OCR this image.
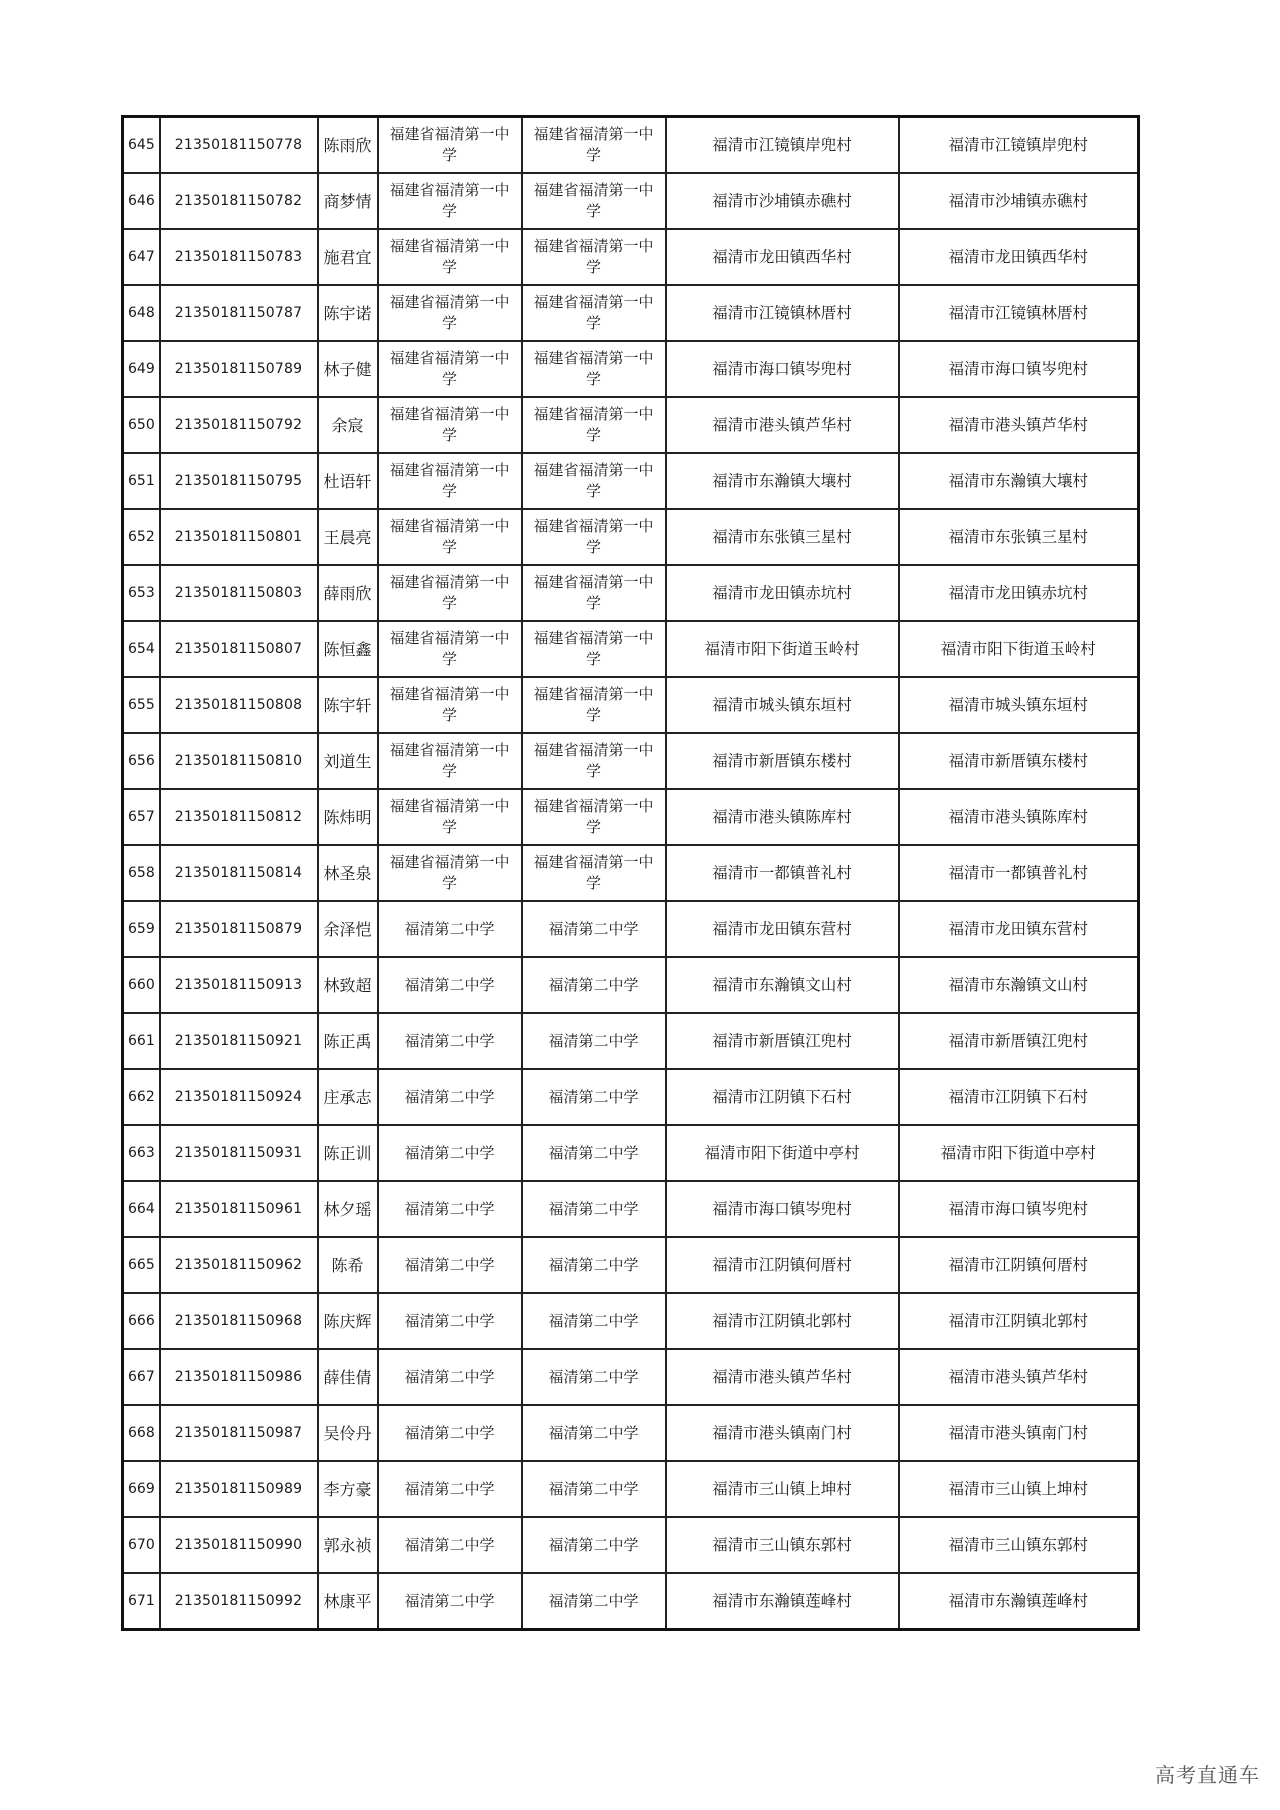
645	21350181150778	陈雨欣	福建省福清第一中学	福建省福清第一中学	福清市江镜镇岸兜村	福清市江镜镇岸兜村
646	21350181150782	商梦情	福建省福清第一中学	福建省福清第一中学	福清市沙埔镇赤礁村	福清市沙埔镇赤礁村
647	21350181150783	施君宜	福建省福清第一中学	福建省福清第一中学	福清市龙田镇西华村	福清市龙田镇西华村
648	21350181150787	陈宇诺	福建省福清第一中学	福建省福清第一中学	福清市江镜镇林厝村	福清市江镜镇林厝村
649	21350181150789	林子健	福建省福清第一中学	福建省福清第一中学	福清市海口镇岑兜村	福清市海口镇岑兜村
650	21350181150792	余宸	福建省福清第一中学	福建省福清第一中学	福清市港头镇芦华村	福清市港头镇芦华村
651	21350181150795	杜语轩	福建省福清第一中学	福建省福清第一中学	福清市东瀚镇大壤村	福清市东瀚镇大壤村
652	21350181150801	王晨亮	福建省福清第一中学	福建省福清第一中学	福清市东张镇三星村	福清市东张镇三星村
653	21350181150803	薛雨欣	福建省福清第一中学	福建省福清第一中学	福清市龙田镇赤坑村	福清市龙田镇赤坑村
654	21350181150807	陈恒鑫	福建省福清第一中学	福建省福清第一中学	福清市阳下街道玉岭村	福清市阳下街道玉岭村
655	21350181150808	陈宇轩	福建省福清第一中学	福建省福清第一中学	福清市城头镇东垣村	福清市城头镇东垣村
656	21350181150810	刘道生	福建省福清第一中学	福建省福清第一中学	福清市新厝镇东楼村	福清市新厝镇东楼村
657	21350181150812	陈炜明	福建省福清第一中学	福建省福清第一中学	福清市港头镇陈库村	福清市港头镇陈库村
658	21350181150814	林圣泉	福建省福清第一中学	福建省福清第一中学	福清市一都镇普礼村	福清市一都镇普礼村
659	21350181150879	余泽恺	福清第二中学	福清第二中学	福清市龙田镇东营村	福清市龙田镇东营村
660	21350181150913	林致超	福清第二中学	福清第二中学	福清市东瀚镇文山村	福清市东瀚镇文山村
661	21350181150921	陈正禹	福清第二中学	福清第二中学	福清市新厝镇江兜村	福清市新厝镇江兜村
662	21350181150924	庄承志	福清第二中学	福清第二中学	福清市江阴镇下石村	福清市江阴镇下石村
663	21350181150931	陈正训	福清第二中学	福清第二中学	福清市阳下街道中亭村	福清市阳下街道中亭村
664	21350181150961	林夕瑶	福清第二中学	福清第二中学	福清市海口镇岑兜村	福清市海口镇岑兜村
665	21350181150962	陈希	福清第二中学	福清第二中学	福清市江阴镇何厝村	福清市江阴镇何厝村
666	21350181150968	陈庆辉	福清第二中学	福清第二中学	福清市江阴镇北郭村	福清市江阴镇北郭村
667	21350181150986	薛佳倩	福清第二中学	福清第二中学	福清市港头镇芦华村	福清市港头镇芦华村
668	21350181150987	吴伶丹	福清第二中学	福清第二中学	福清市港头镇南门村	福清市港头镇南门村
669	21350181150989	李方豪	福清第二中学	福清第二中学	福清市三山镇上坤村	福清市三山镇上坤村
670	21350181150990	郭永祯	福清第二中学	福清第二中学	福清市三山镇东郭村	福清市三山镇东郭村
671	21350181150992	林康平	福清第二中学	福清第二中学	福清市东瀚镇莲峰村	福清市东瀚镇莲峰村
高考直通车
